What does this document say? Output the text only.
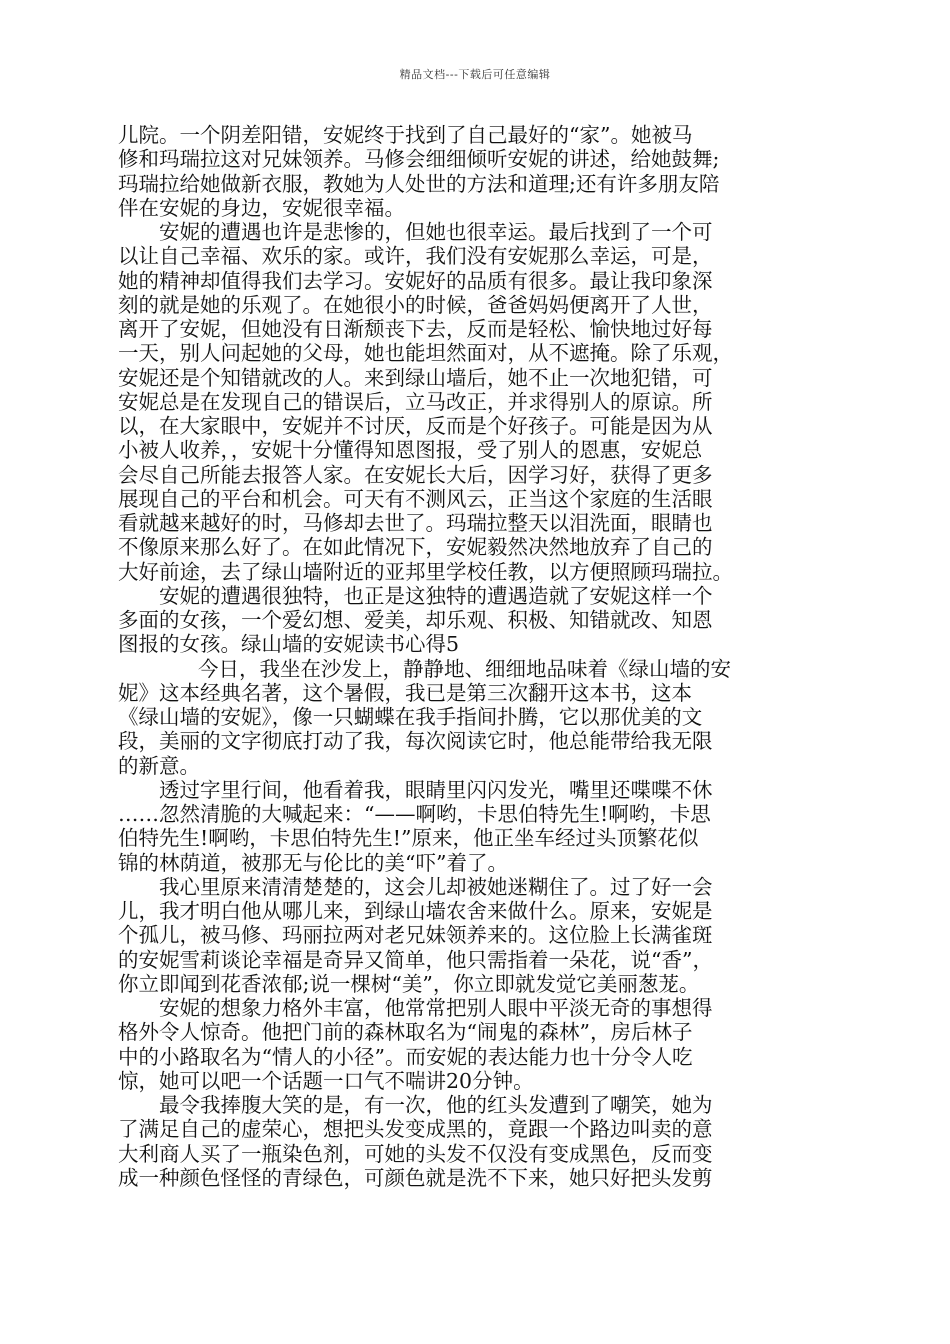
精品文档---下载后可任意编辑
儿院。一个阴差阳错，安妮终于找到了自己最好的“家”。她被马
修和玛瑞拉这对兄妹领养。马修会细细倾听安妮的讲述，给她鼓舞;
玛瑞拉给她做新衣服，教她为人处世的方法和道理;还有许多朋友陪
伴在安妮的身边，安妮很幸福。
安妮的遭遇也许是悲惨的，但她也很幸运。最后找到了一个可
以让自己幸福、欢乐的家。或许，我们没有安妮那么幸运，可是，
她的精神却值得我们去学习。安妮好的品质有很多。最让我印象深
刻的就是她的乐观了。在她很小的时候，爸爸妈妈便离开了人世，
离开了安妮，但她没有日渐颓丧下去，反而是轻松、愉快地过好每
一天，别人问起她的父母，她也能坦然面对，从不遮掩。除了乐观，
安妮还是个知错就改的人。来到绿山墙后，她不止一次地犯错，可
安妮总是在发现自己的错误后，立马改正，并求得别人的原谅。所
以，在大家眼中，安妮并不讨厌，反而是个好孩子。可能是因为从
小被人收养，，安妮十分懂得知恩图报，受了别人的恩惠，安妮总
会尽自己所能去报答人家。在安妮长大后，因学习好，获得了更多
展现自己的平台和机会。可天有不测风云，正当这个家庭的生活眼
看就越来越好的时，马修却去世了。玛瑞拉整天以泪洗面，眼睛也
不像原来那么好了。在如此情况下，安妮毅然决然地放弃了自己的
大好前途，去了绿山墙附近的亚邦里学校任教，以方便照顾玛瑞拉。
安妮的遭遇很独特，也正是这独特的遭遇造就了安妮这样一个
多面的女孩，一个爱幻想、爱美，却乐观、积极、知错就改、知恩
图报的女孩。绿山墙的安妮读书心得5
今日，我坐在沙发上，静静地、细细地品味着《绿山墙的安
妮》这本经典名著，这个暑假，我已是第三次翻开这本书，这本
《绿山墙的安妮》，像一只蝴蝶在我手指间扑腾，它以那优美的文
段，美丽的文字彻底打动了我，每次阅读它时，他总能带给我无限
的新意。
透过字里行间，他看着我，眼睛里闪闪发光，嘴里还喋喋不休
……忽然清脆的大喊起来：“——啊哟，卡思伯特先生!啊哟，卡思
伯特先生!啊哟，卡思伯特先生!”原来，他正坐车经过头顶繁花似
锦的林荫道，被那无与伦比的美“吓”着了。
我心里原来清清楚楚的，这会儿却被她迷糊住了。过了好一会
儿，我才明白他从哪儿来，到绿山墙农舍来做什么。原来，安妮是
个孤儿，被马修、玛丽拉两对老兄妹领养来的。这位脸上长满雀斑
的安妮雪莉谈论幸福是奇异又简单，他只需指着一朵花，说“香”，
你立即闻到花香浓郁;说一棵树“美”，你立即就发觉它美丽葱茏。
安妮的想象力格外丰富，他常常把别人眼中平淡无奇的事想得
格外令人惊奇。他把门前的森林取名为“闹鬼的森林”，房后林子
中的小路取名为“情人的小径”。而安妮的表达能力也十分令人吃
惊，她可以吧一个话题一口气不喘讲20分钟。
最令我捧腹大笑的是，有一次，他的红头发遭到了嘲笑，她为
了满足自己的虚荣心，想把头发变成黑的，竟跟一个路边叫卖的意
大利商人买了一瓶染色剂，可她的头发不仅没有变成黑色，反而变
成一种颜色怪怪的青绿色，可颜色就是洗不下来，她只好把头发剪
